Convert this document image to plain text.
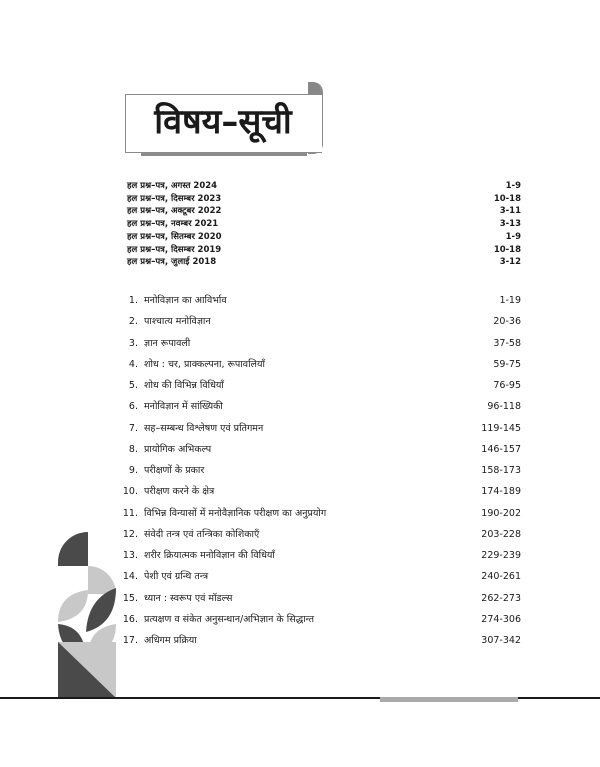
विषय–सूची
हल प्रश्न–पत्र, अगस्त 2024	1-9
हल प्रश्न–पत्र, दिसम्बर 2023	10-18
हल प्रश्न–पत्र, अक्टूबर 2022	3-11
हल प्रश्न–पत्र, नवम्बर 2021	3-13
हल प्रश्न–पत्र, सितम्बर 2020	1-9
हल प्रश्न–पत्र, दिसम्बर 2019	10-18
हल प्रश्न–पत्र, जुलाई 2018	3-12
1. मनोविज्ञान का आविर्भाव	1-19
2. पाश्चात्य मनोविज्ञान	20-36
3. ज्ञान रूपावली	37-58
4. शोध : चर, प्राक्कल्पना, रूपावलियाँ	59-75
5. शोध की विभिन्न विधियाँ	76-95
6. मनोविज्ञान में सांख्यिकी	96-118
7. सह–सम्बन्ध विश्लेषण एवं प्रतिगमन	119-145
8. प्रायोगिक अभिकल्प	146-157
9. परीक्षणों के प्रकार	158-173
10. परीक्षण करने के क्षेत्र	174-189
11. विभिन्न विन्यासों में मनोवैज्ञानिक परीक्षण का अनुप्रयोग	190-202
12. संवेदी तन्त्र एवं तन्त्रिका कोशिकाएँ	203-228
13. शरीर क्रियात्मक मनोविज्ञान की विधियाँ	229-239
14. पेशी एवं ग्रन्थि तन्त्र	240-261
15. ध्यान : स्वरूप एवं मॉडल्स	262-273
16. प्रत्यक्षण व संकेत अनुसन्धान/अभिज्ञान के सिद्धान्त	274-306
17. अधिगम प्रक्रिया	307-342
